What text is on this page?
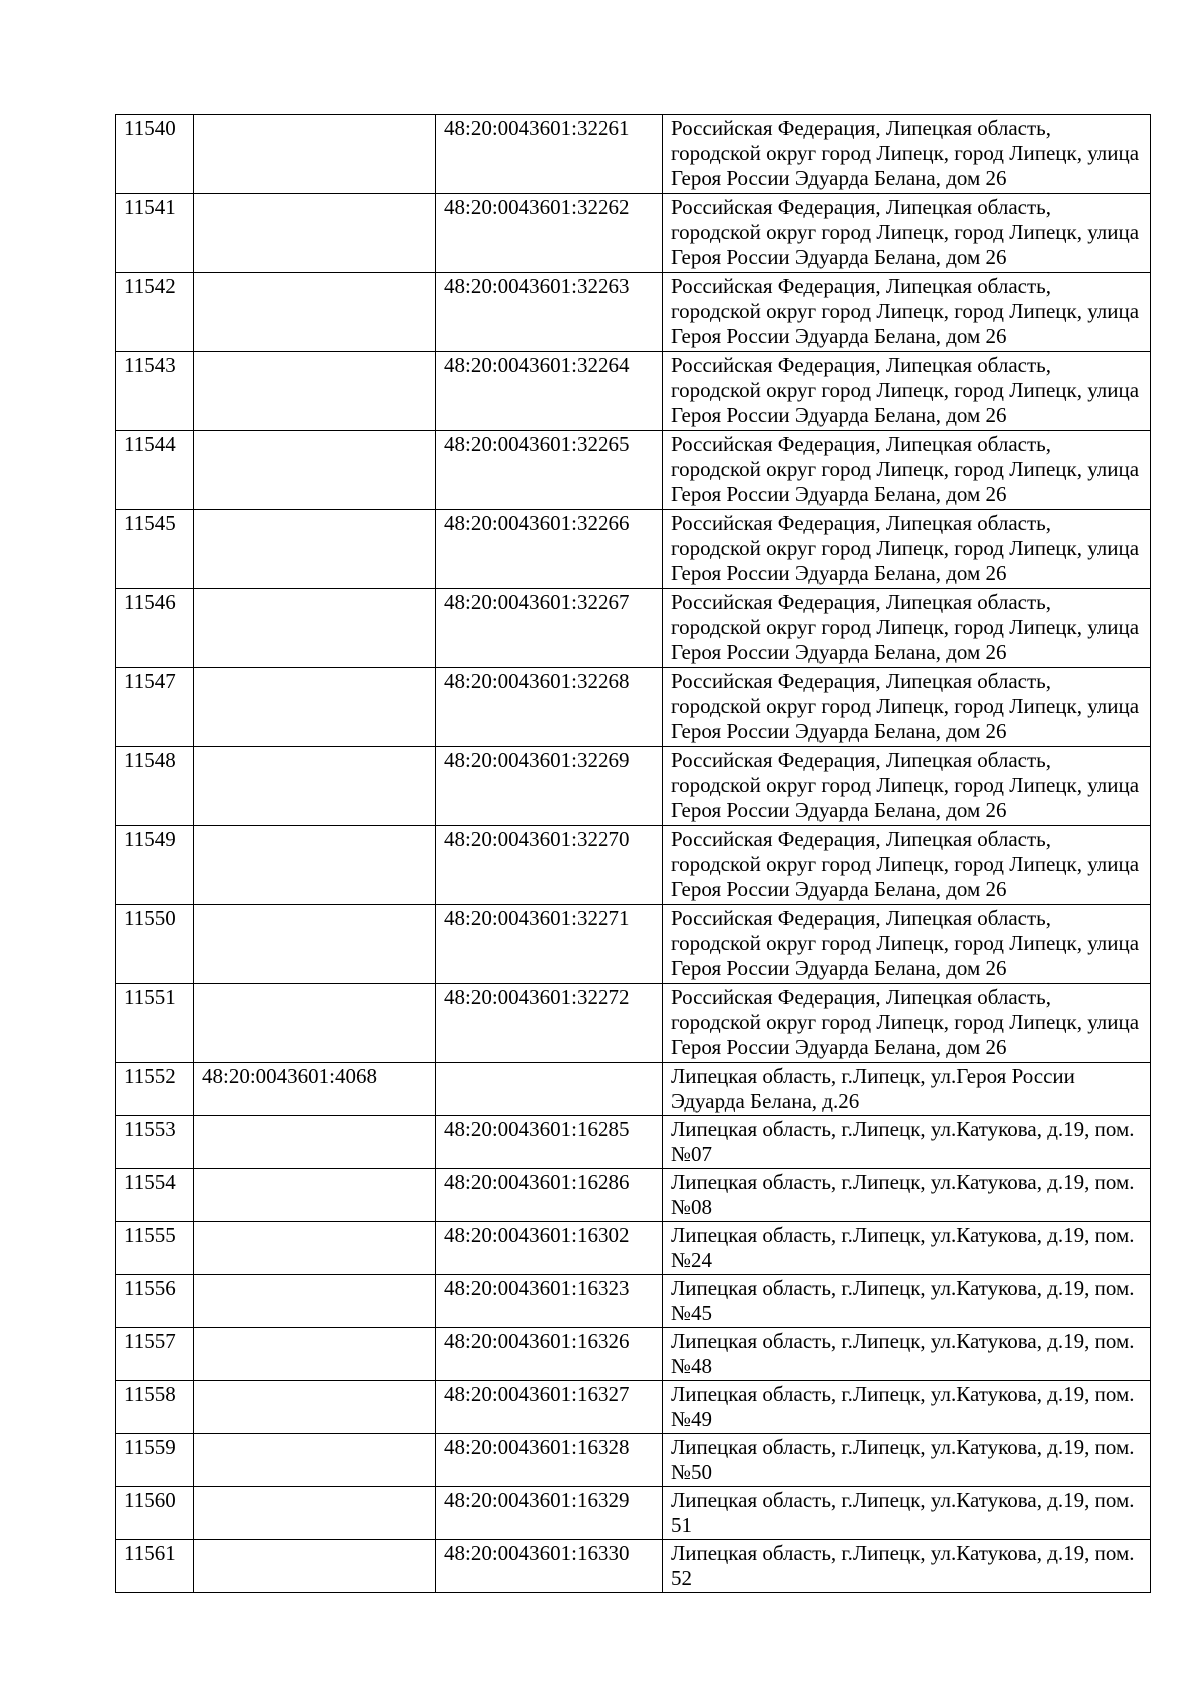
11540		48:20:0043601:32261	Российская Федерация, Липецкая область, городской округ город Липецк, город Липецк, улица Героя России Эдуарда Белана, дом 26
11541		48:20:0043601:32262	Российская Федерация, Липецкая область, городской округ город Липецк, город Липецк, улица Героя России Эдуарда Белана, дом 26
11542		48:20:0043601:32263	Российская Федерация, Липецкая область, городской округ город Липецк, город Липецк, улица Героя России Эдуарда Белана, дом 26
11543		48:20:0043601:32264	Российская Федерация, Липецкая область, городской округ город Липецк, город Липецк, улица Героя России Эдуарда Белана, дом 26
11544		48:20:0043601:32265	Российская Федерация, Липецкая область, городской округ город Липецк, город Липецк, улица Героя России Эдуарда Белана, дом 26
11545		48:20:0043601:32266	Российская Федерация, Липецкая область, городской округ город Липецк, город Липецк, улица Героя России Эдуарда Белана, дом 26
11546		48:20:0043601:32267	Российская Федерация, Липецкая область, городской округ город Липецк, город Липецк, улица Героя России Эдуарда Белана, дом 26
11547		48:20:0043601:32268	Российская Федерация, Липецкая область, городской округ город Липецк, город Липецк, улица Героя России Эдуарда Белана, дом 26
11548		48:20:0043601:32269	Российская Федерация, Липецкая область, городской округ город Липецк, город Липецк, улица Героя России Эдуарда Белана, дом 26
11549		48:20:0043601:32270	Российская Федерация, Липецкая область, городской округ город Липецк, город Липецк, улица Героя России Эдуарда Белана, дом 26
11550		48:20:0043601:32271	Российская Федерация, Липецкая область, городской округ город Липецк, город Липецк, улица Героя России Эдуарда Белана, дом 26
11551		48:20:0043601:32272	Российская Федерация, Липецкая область, городской округ город Липецк, город Липецк, улица Героя России Эдуарда Белана, дом 26
11552	48:20:0043601:4068		Липецкая область, г.Липецк, ул.Героя России Эдуарда Белана, д.26
11553		48:20:0043601:16285	Липецкая область, г.Липецк, ул.Катукова, д.19, пом.№07
11554		48:20:0043601:16286	Липецкая область, г.Липецк, ул.Катукова, д.19, пом.№08
11555		48:20:0043601:16302	Липецкая область, г.Липецк, ул.Катукова, д.19, пом.№24
11556		48:20:0043601:16323	Липецкая область, г.Липецк, ул.Катукова, д.19, пом.№45
11557		48:20:0043601:16326	Липецкая область, г.Липецк, ул.Катукова, д.19, пом.№48
11558		48:20:0043601:16327	Липецкая область, г.Липецк, ул.Катукова, д.19, пом.№49
11559		48:20:0043601:16328	Липецкая область, г.Липецк, ул.Катукова, д.19, пом.№50
11560		48:20:0043601:16329	Липецкая область, г.Липецк, ул.Катукова, д.19, пом. 51
11561		48:20:0043601:16330	Липецкая область, г.Липецк, ул.Катукова, д.19, пом. 52
